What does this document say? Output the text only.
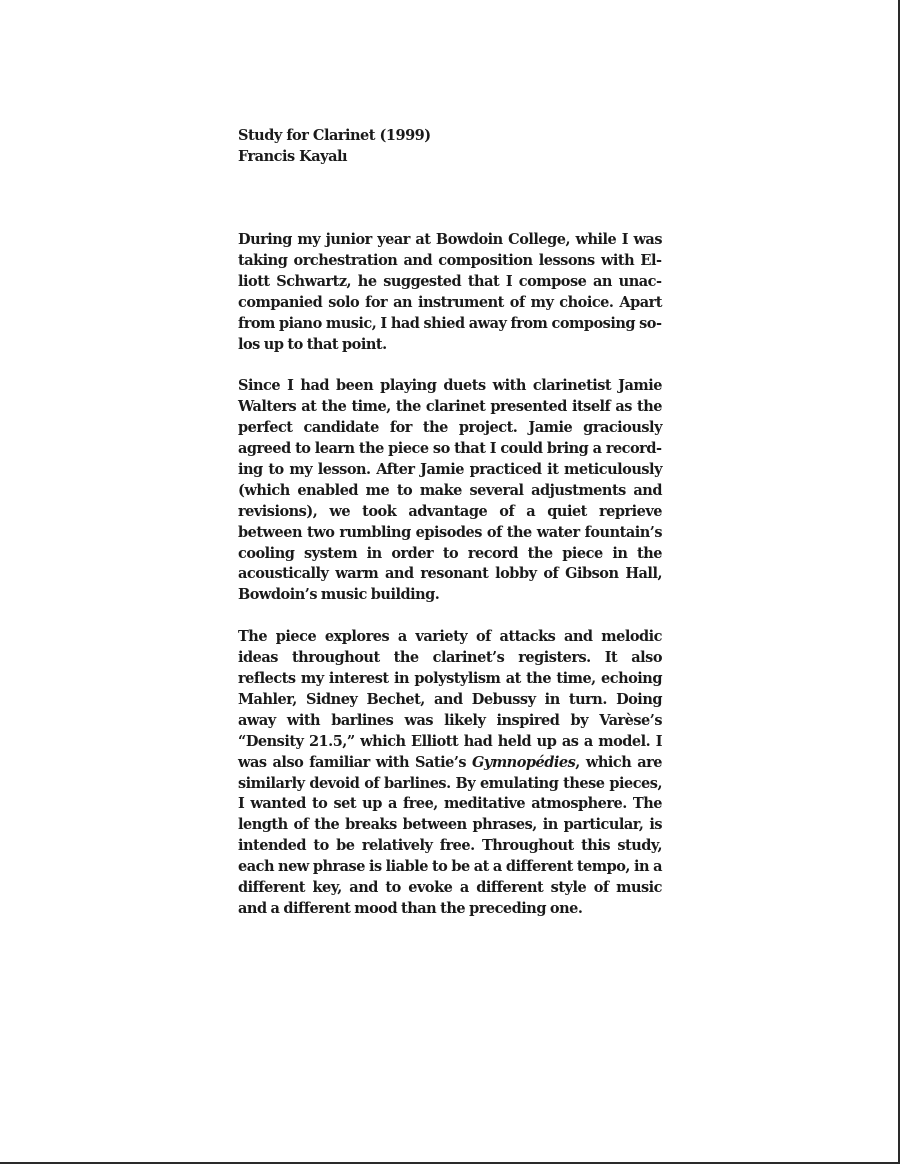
Study for Clarinet (1999)
Francis Kayalı

During my junior year at Bowdoin College, while I was taking orchestration and composition lessons with Elliott Schwartz, he suggested that I compose an unaccompanied solo for an instrument of my choice. Apart from piano music, I had shied away from composing solos up to that point.

Since I had been playing duets with clarinetist Jamie Walters at the time, the clarinet presented itself as the perfect candidate for the project. Jamie graciously agreed to learn the piece so that I could bring a recording to my lesson. After Jamie practiced it meticulously (which enabled me to make several adjustments and revisions), we took advantage of a quiet reprieve between two rumbling episodes of the water fountain’s cooling system in order to record the piece in the acoustically warm and resonant lobby of Gibson Hall, Bowdoin’s music building.

The piece explores a variety of attacks and melodic ideas throughout the clarinet’s registers. It also reflects my interest in polystylism at the time, echoing Mahler, Sidney Bechet, and Debussy in turn. Doing away with barlines was likely inspired by Varèse’s “Density 21.5,” which Elliott had held up as a model. I was also familiar with Satie’s Gymnopédies, which are similarly devoid of barlines. By emulating these pieces, I wanted to set up a free, meditative atmosphere. The length of the breaks between phrases, in particular, is intended to be relatively free. Throughout this study, each new phrase is liable to be at a different tempo, in a different key, and to evoke a different style of music and a different mood than the preceding one.
